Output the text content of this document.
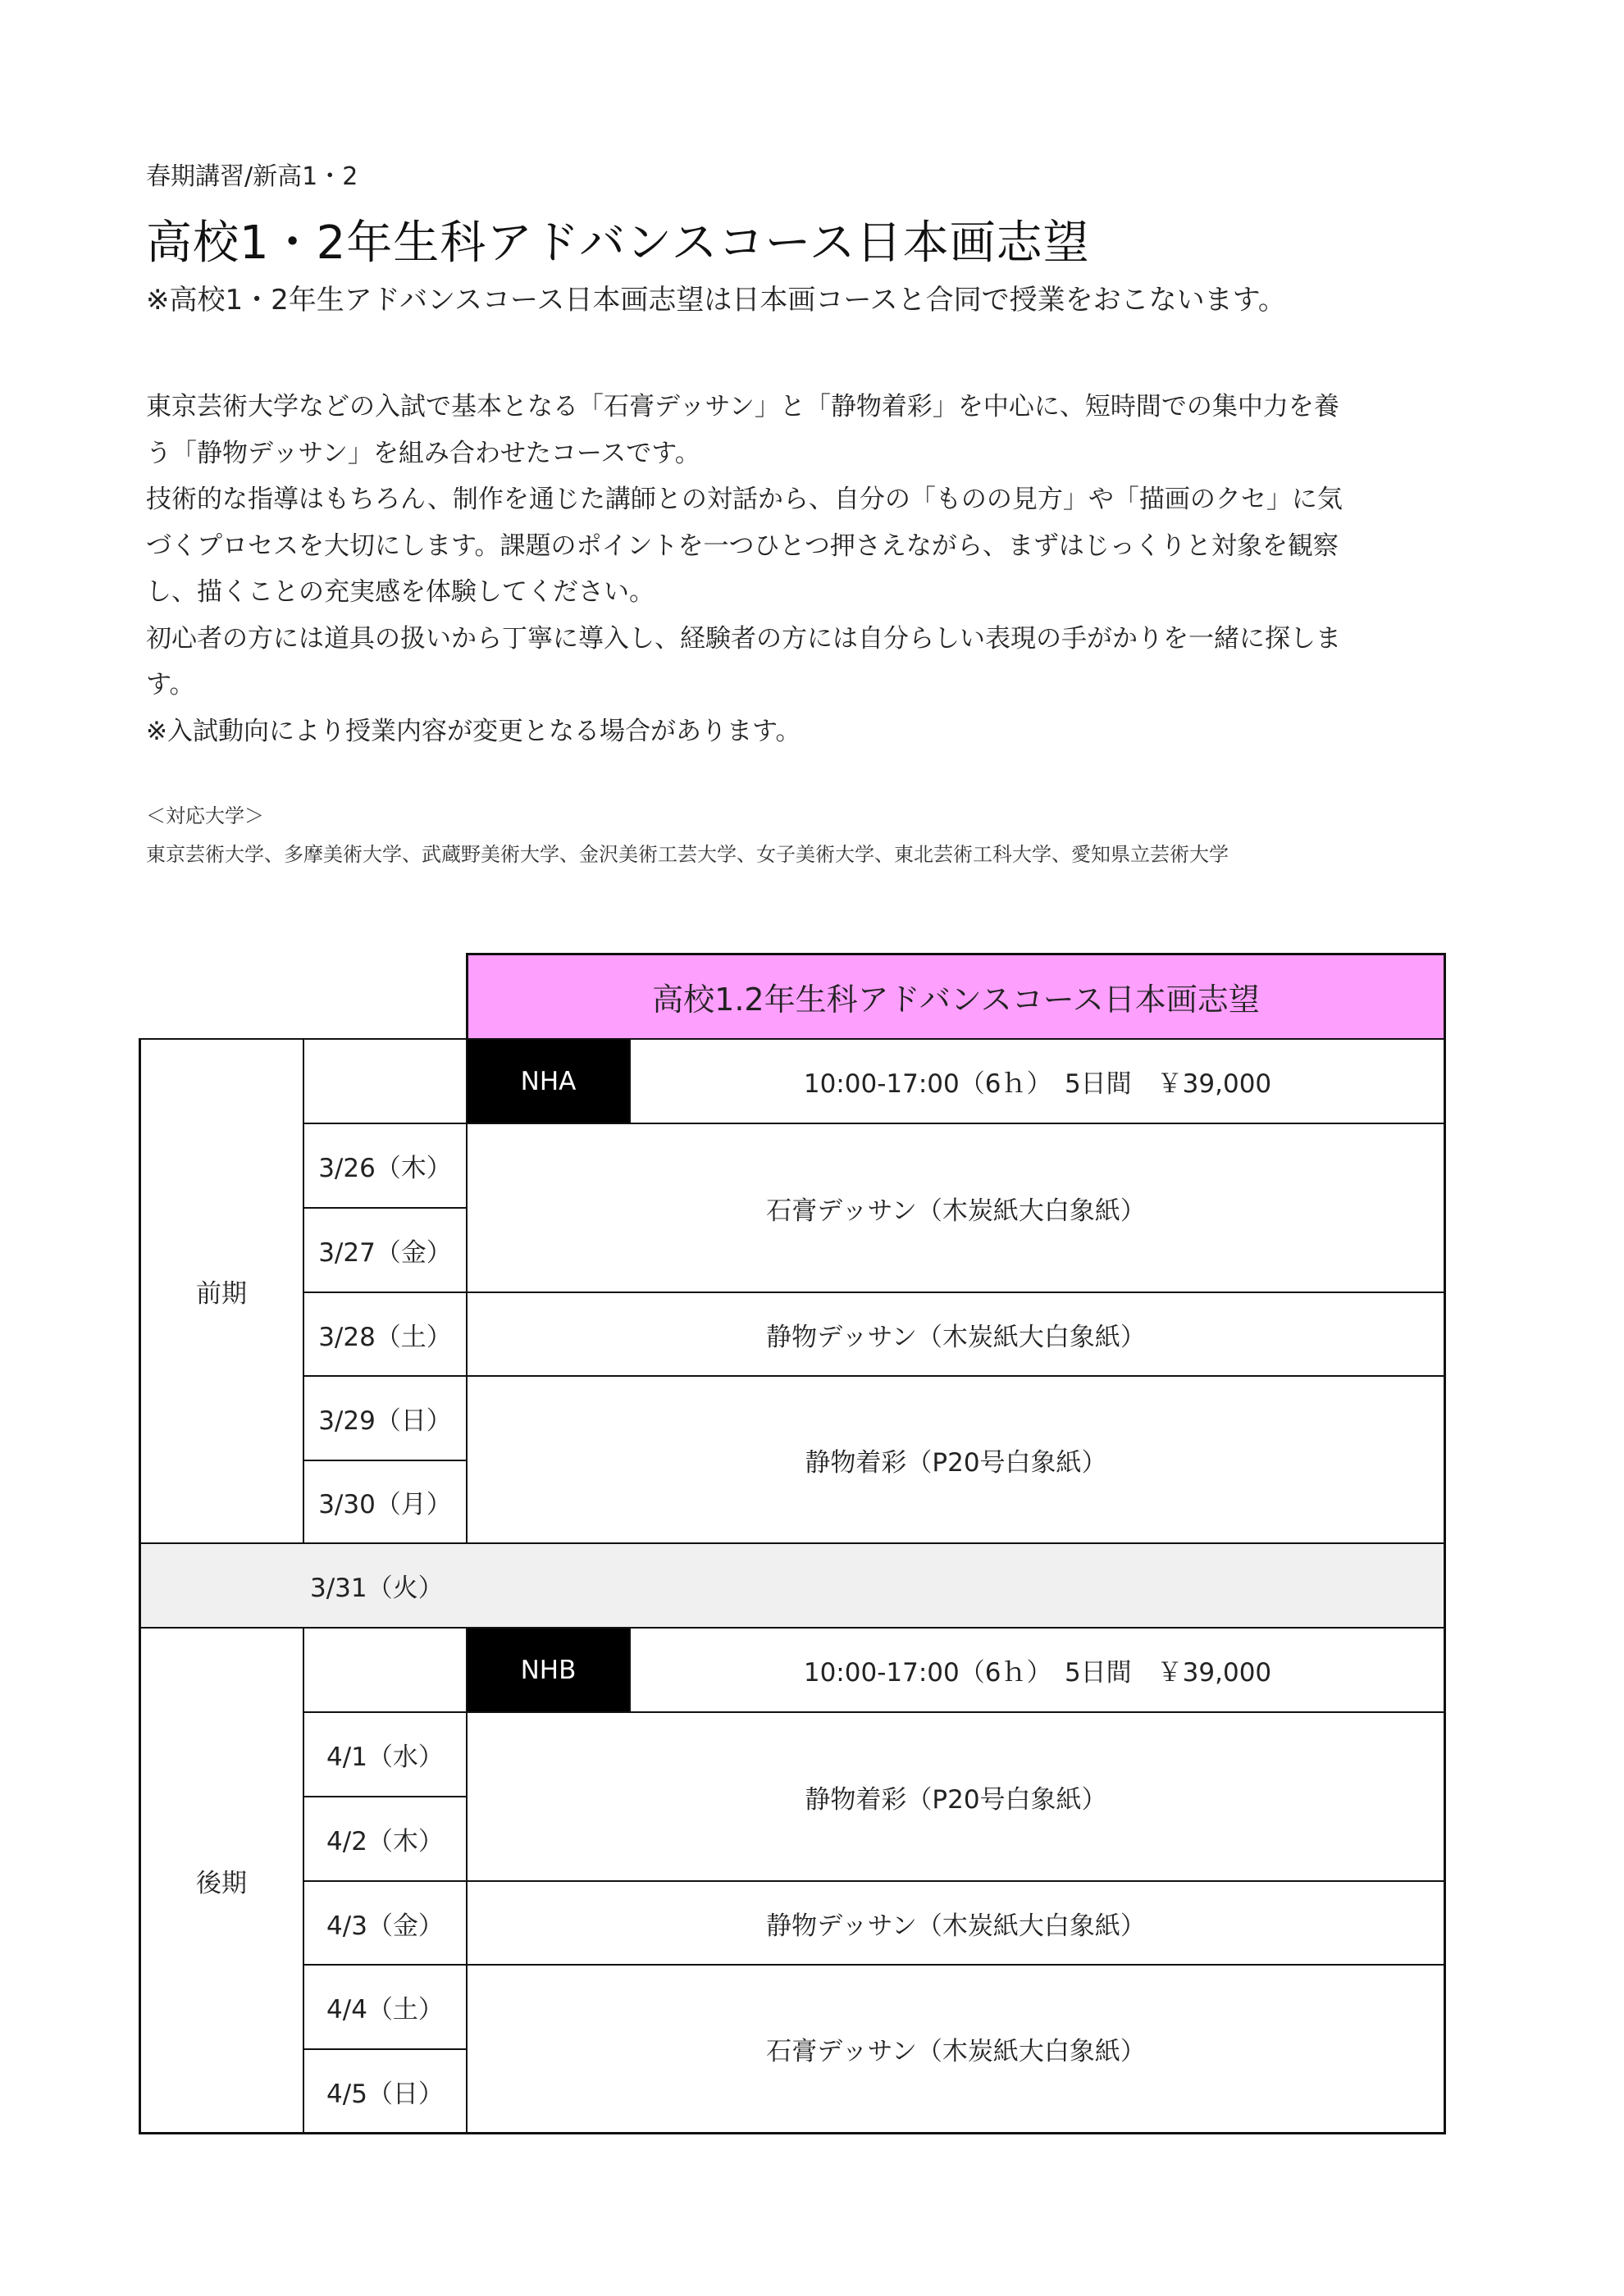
春期講習/新高1・2
高校1・2年生科アドバンスコース日本画志望
※高校1・2年生アドバンスコース日本画志望は日本画コースと合同で授業をおこないます。
東京芸術大学などの入試で基本となる「石膏デッサン」と「静物着彩」を中心に、短時間での集中力を養
う「静物デッサン」を組み合わせたコースです。
技術的な指導はもちろん、制作を通じた講師との対話から、自分の「ものの見方」や「描画のクセ」に気
づくプロセスを大切にします。課題のポイントを一つひとつ押さえながら、まずはじっくりと対象を観察
し、描くことの充実感を体験してください。
初心者の方には道具の扱いから丁寧に導入し、経験者の方には自分らしい表現の手がかりを一緒に探しま
す。
※入試動向により授業内容が変更となる場合があります。
＜対応大学＞
東京芸術大学、多摩美術大学、武蔵野美術大学、金沢美術工芸大学、女子美術大学、東北芸術工科大学、愛知県立芸術大学
高校1.2年生科アドバンスコース日本画志望
NHA	10:00-17:00（6ｈ）　5日間　￥39,000
前期
3/26（木）
3/27（金）
3/28（土）
3/29（日）
3/30（月）
石膏デッサン（木炭紙大白象紙）
静物デッサン（木炭紙大白象紙）
静物着彩（P20号白象紙）
3/31（火）
NHB	10:00-17:00（6ｈ）　5日間　￥39,000
後期
4/1（水）
4/2（木）
4/3（金）
4/4（土）
4/5（日）
静物着彩（P20号白象紙）
静物デッサン（木炭紙大白象紙）
石膏デッサン（木炭紙大白象紙）
